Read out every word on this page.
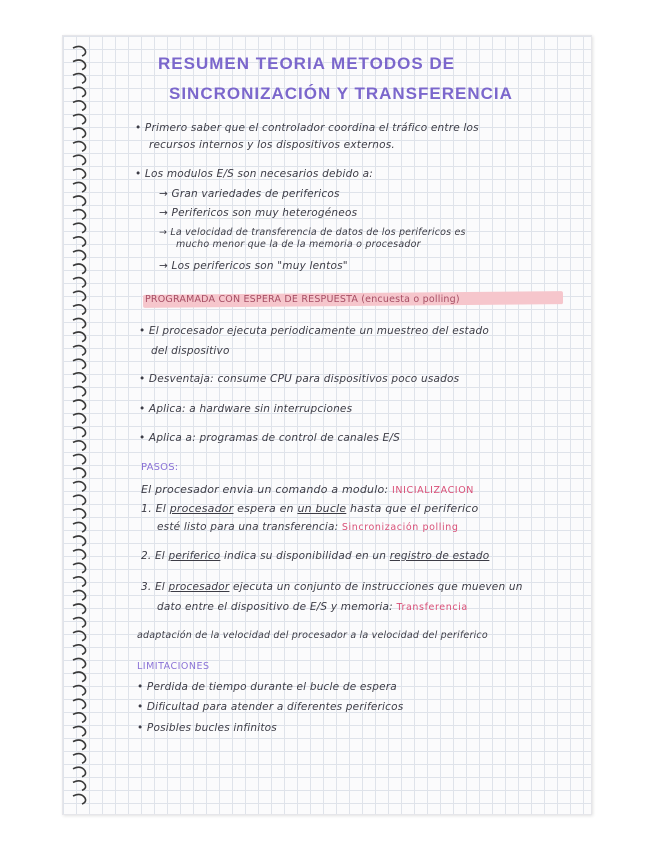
RESUMEN TEORIA METODOS DE
SINCRONIZACIÓN Y TRANSFERENCIA
• Primero saber que el controlador coordina el tráfico entre los
recursos internos y los dispositivos externos.
• Los modulos E/S son necesarios debido a:
→ Gran variedades de perifericos
→ Perifericos son muy heterogéneos
→ La velocidad de transferencia de datos de los perifericos es
mucho menor que la de la memoria o procesador
→ Los perifericos son "muy lentos"
PROGRAMADA CON ESPERA DE RESPUESTA (encuesta o polling)
• El procesador ejecuta periodicamente un muestreo del estado
del dispositivo
• Desventaja: consume CPU para dispositivos poco usados
• Aplica: a hardware sin interrupciones
• Aplica a: programas de control de canales E/S
PASOS:
El procesador envia un comando a modulo: INICIALIZACION
1. El procesador espera en un bucle hasta que el periferico
esté listo para una transferencia: Sincronización polling
2. El periferico indica su disponibilidad en un registro de estado
3. El procesador ejecuta un conjunto de instrucciones que mueven un
dato entre el dispositivo de E/S y memoria: Transferencia
adaptación de la velocidad del procesador a la velocidad del periferico
LIMITACIONES
• Perdida de tiempo durante el bucle de espera
• Dificultad para atender a diferentes perifericos
• Posibles bucles infinitos
